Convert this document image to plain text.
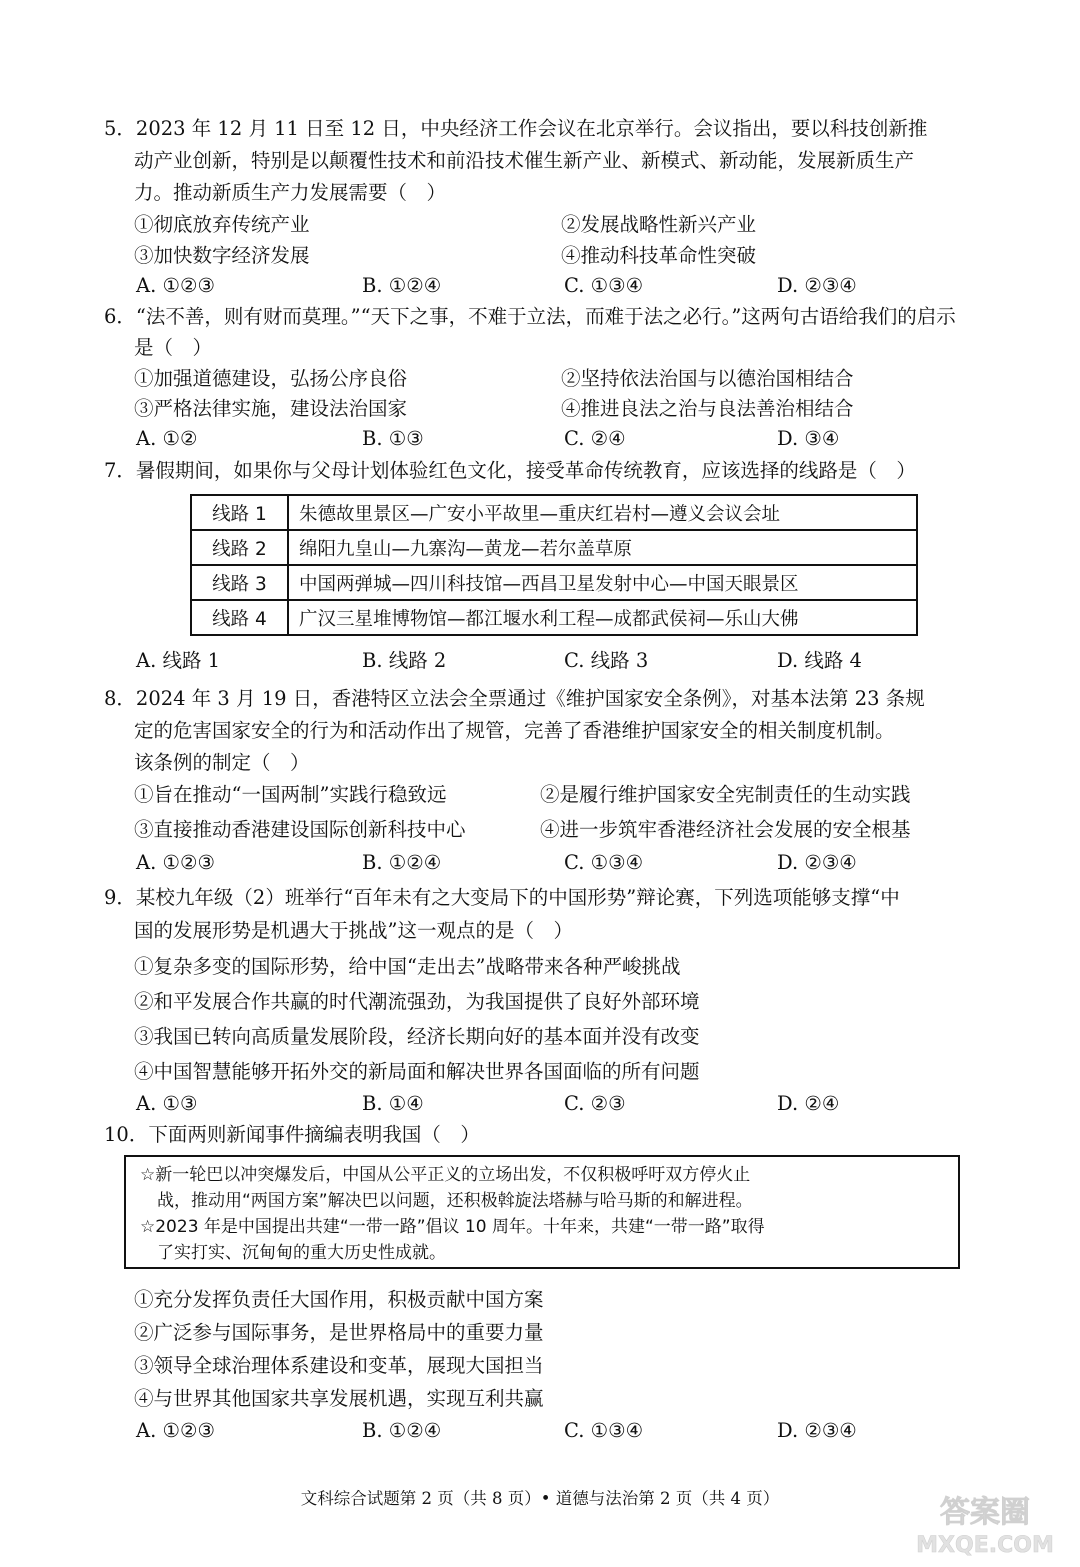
5．2023 年 12 月 11 日至 12 日，中央经济工作会议在北京举行。会议指出，要以科技创新推
动产业创新，特别是以颠覆性技术和前沿技术催生新产业、新模式、新动能，发展新质生产
力。推动新质生产力发展需要（　）
①彻底放弃传统产业	②发展战略性新兴产业
③加快数字经济发展	④推动科技革命性突破
A. ①②③	B. ①②④	C. ①③④	D. ②③④
6．“法不善，则有财而莫理。”“天下之事，不难于立法，而难于法之必行。”这两句古语给我们的启示
是（　）
①加强道德建设，弘扬公序良俗	②坚持依法治国与以德治国相结合
③严格法律实施，建设法治国家	④推进良法之治与良法善治相结合
A. ①②	B. ①③	C. ②④	D. ③④
7．暑假期间，如果你与父母计划体验红色文化，接受革命传统教育，应该选择的线路是（　）
线路 1	朱德故里景区—广安小平故里—重庆红岩村—遵义会议会址
线路 2	绵阳九皇山—九寨沟—黄龙—若尔盖草原
线路 3	中国两弹城—四川科技馆—西昌卫星发射中心—中国天眼景区
线路 4	广汉三星堆博物馆—都江堰水利工程—成都武侯祠—乐山大佛
A. 线路 1	B. 线路 2	C. 线路 3	D. 线路 4
8．2024 年 3 月 19 日，香港特区立法会全票通过《维护国家安全条例》，对基本法第 23 条规
定的危害国家安全的行为和活动作出了规管，完善了香港维护国家安全的相关制度机制。
该条例的制定（　）
①旨在推动“一国两制”实践行稳致远	②是履行维护国家安全宪制责任的生动实践
③直接推动香港建设国际创新科技中心	④进一步筑牢香港经济社会发展的安全根基
A. ①②③	B. ①②④	C. ①③④	D. ②③④
9．某校九年级（2）班举行“百年未有之大变局下的中国形势”辩论赛，下列选项能够支撑“中
国的发展形势是机遇大于挑战”这一观点的是（　）
①复杂多变的国际形势，给中国“走出去”战略带来各种严峻挑战
②和平发展合作共赢的时代潮流强劲，为我国提供了良好外部环境
③我国已转向高质量发展阶段，经济长期向好的基本面并没有改变
④中国智慧能够开拓外交的新局面和解决世界各国面临的所有问题
A. ①③	B. ①④	C. ②③	D. ②④
10．下面两则新闻事件摘编表明我国（　）
☆新一轮巴以冲突爆发后，中国从公平正义的立场出发，不仅积极呼吁双方停火止
　战，推动用“两国方案”解决巴以问题，还积极斡旋法塔赫与哈马斯的和解进程。
☆2023 年是中国提出共建“一带一路”倡议 10 周年。十年来，共建“一带一路”取得
　了实打实、沉甸甸的重大历史性成就。
①充分发挥负责任大国作用，积极贡献中国方案
②广泛参与国际事务，是世界格局中的重要力量
③领导全球治理体系建设和变革，展现大国担当
④与世界其他国家共享发展机遇，实现互利共赢
A. ①②③	B. ①②④	C. ①③④	D. ②③④
文科综合试题第 2 页（共 8 页）• 道德与法治第 2 页（共 4 页）	答案圈
MXQE.COM
